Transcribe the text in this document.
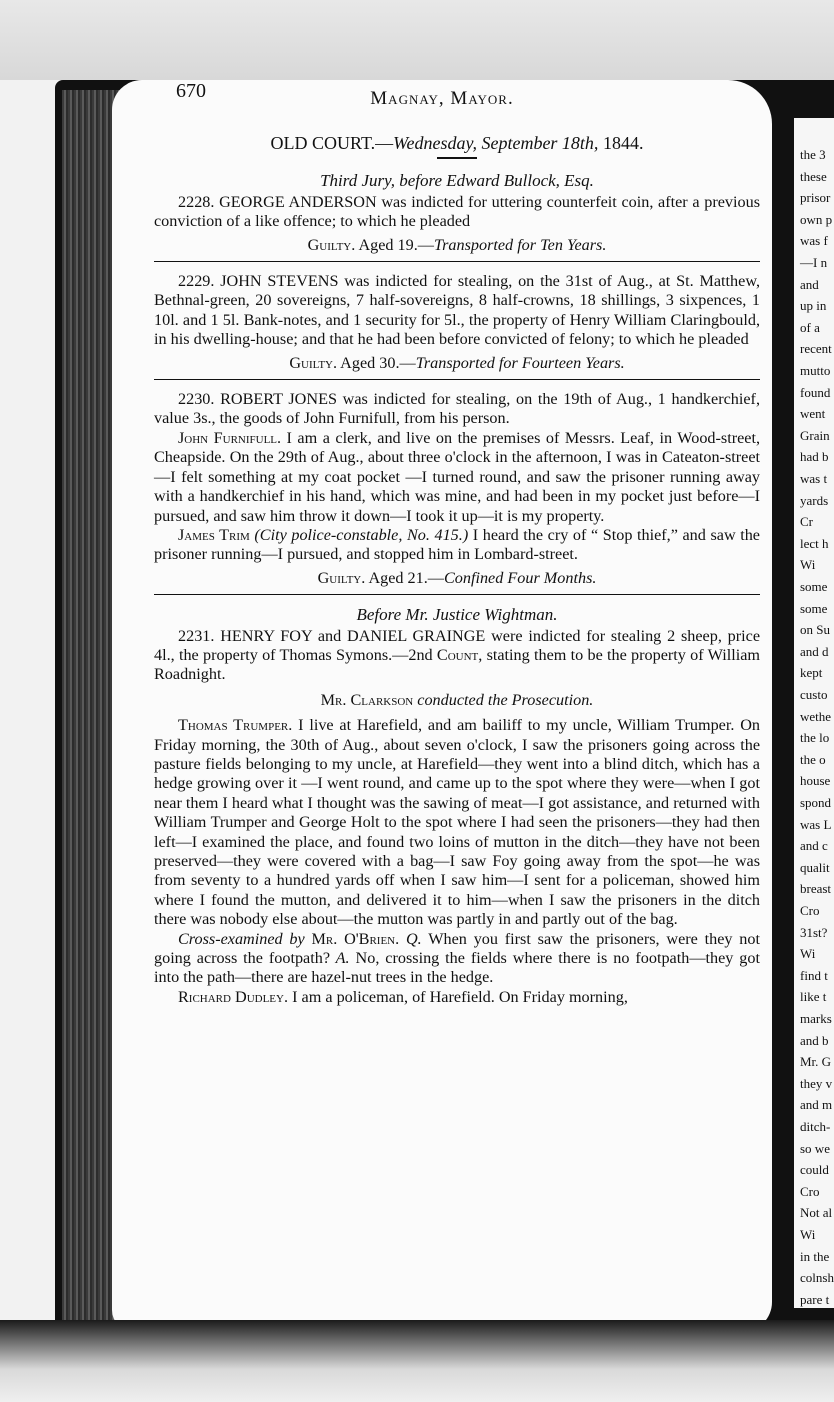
the 3
these
prisor
own p
was f
—I n
and
up in
of a
recent
mutto
found
went
Grain
had b
was t
yards
Cr
lect h
Wi
some
some
on Su
and d
kept
custo
wethe
the lo
the o
house
spond
was L
and c
qualit
breast
Cro
31st?
Wi
find t
like t
marks
and b
Mr. G
they v
and m
ditch-
so we
could
Cro
Not al
Wi
in the
colnsh
pare t
670	Magnay, Mayor.
OLD COURT.—Wednesday, September 18th, 1844.
Third Jury, before Edward Bullock, Esq.

2228. GEORGE ANDERSON was indicted for uttering counterfeit coin, after a previous conviction of a like offence; to which he pleaded

Guilty. Aged 19.—Transported for Ten Years.

2229. JOHN STEVENS was indicted for stealing, on the 31st of Aug., at St. Matthew, Bethnal-green, 20 sovereigns, 7 half-sovereigns, 8 half-crowns, 18 shillings, 3 sixpences, 1 10l. and 1 5l. Bank-notes, and 1 security for 5l., the property of Henry William Claringbould, in his dwelling-house; and that he had been before convicted of felony; to which he pleaded

Guilty. Aged 30.—Transported for Fourteen Years.

2230. ROBERT JONES was indicted for stealing, on the 19th of Aug., 1 handkerchief, value 3s., the goods of John Furnifull, from his person.

John Furnifull. I am a clerk, and live on the premises of Messrs. Leaf, in Wood-street, Cheapside. On the 29th of Aug., about three o'clock in the afternoon, I was in Cateaton-street—I felt something at my coat pocket —I turned round, and saw the prisoner running away with a handkerchief in his hand, which was mine, and had been in my pocket just before—I pursued, and saw him throw it down—I took it up—it is my property.

James Trim (City police-constable, No. 415.) I heard the cry of “ Stop thief,” and saw the prisoner running—I pursued, and stopped him in Lombard-street.

Guilty. Aged 21.—Confined Four Months.
Before Mr. Justice Wightman.

2231. HENRY FOY and DANIEL GRAINGE were indicted for stealing 2 sheep, price 4l., the property of Thomas Symons.—2nd Count, stating them to be the property of William Roadnight.

Mr. Clarkson conducted the Prosecution.

Thomas Trumper. I live at Harefield, and am bailiff to my uncle, William Trumper. On Friday morning, the 30th of Aug., about seven o'clock, I saw the prisoners going across the pasture fields belonging to my uncle, at Harefield—they went into a blind ditch, which has a hedge growing over it —I went round, and came up to the spot where they were—when I got near them I heard what I thought was the sawing of meat—I got assistance, and returned with William Trumper and George Holt to the spot where I had seen the prisoners—they had then left—I examined the place, and found two loins of mutton in the ditch—they have not been preserved—they were covered with a bag—I saw Foy going away from the spot—he was from seventy to a hundred yards off when I saw him—I sent for a policeman, showed him where I found the mutton, and delivered it to him—when I saw the prisoners in the ditch there was nobody else about—the mutton was partly in and partly out of the bag.

Cross-examined by Mr. O'Brien. Q. When you first saw the prisoners, were they not going across the footpath? A. No, crossing the fields where there is no footpath—they got into the path—there are hazel-nut trees in the hedge.

Richard Dudley. I am a policeman, of Harefield. On Friday morning,
